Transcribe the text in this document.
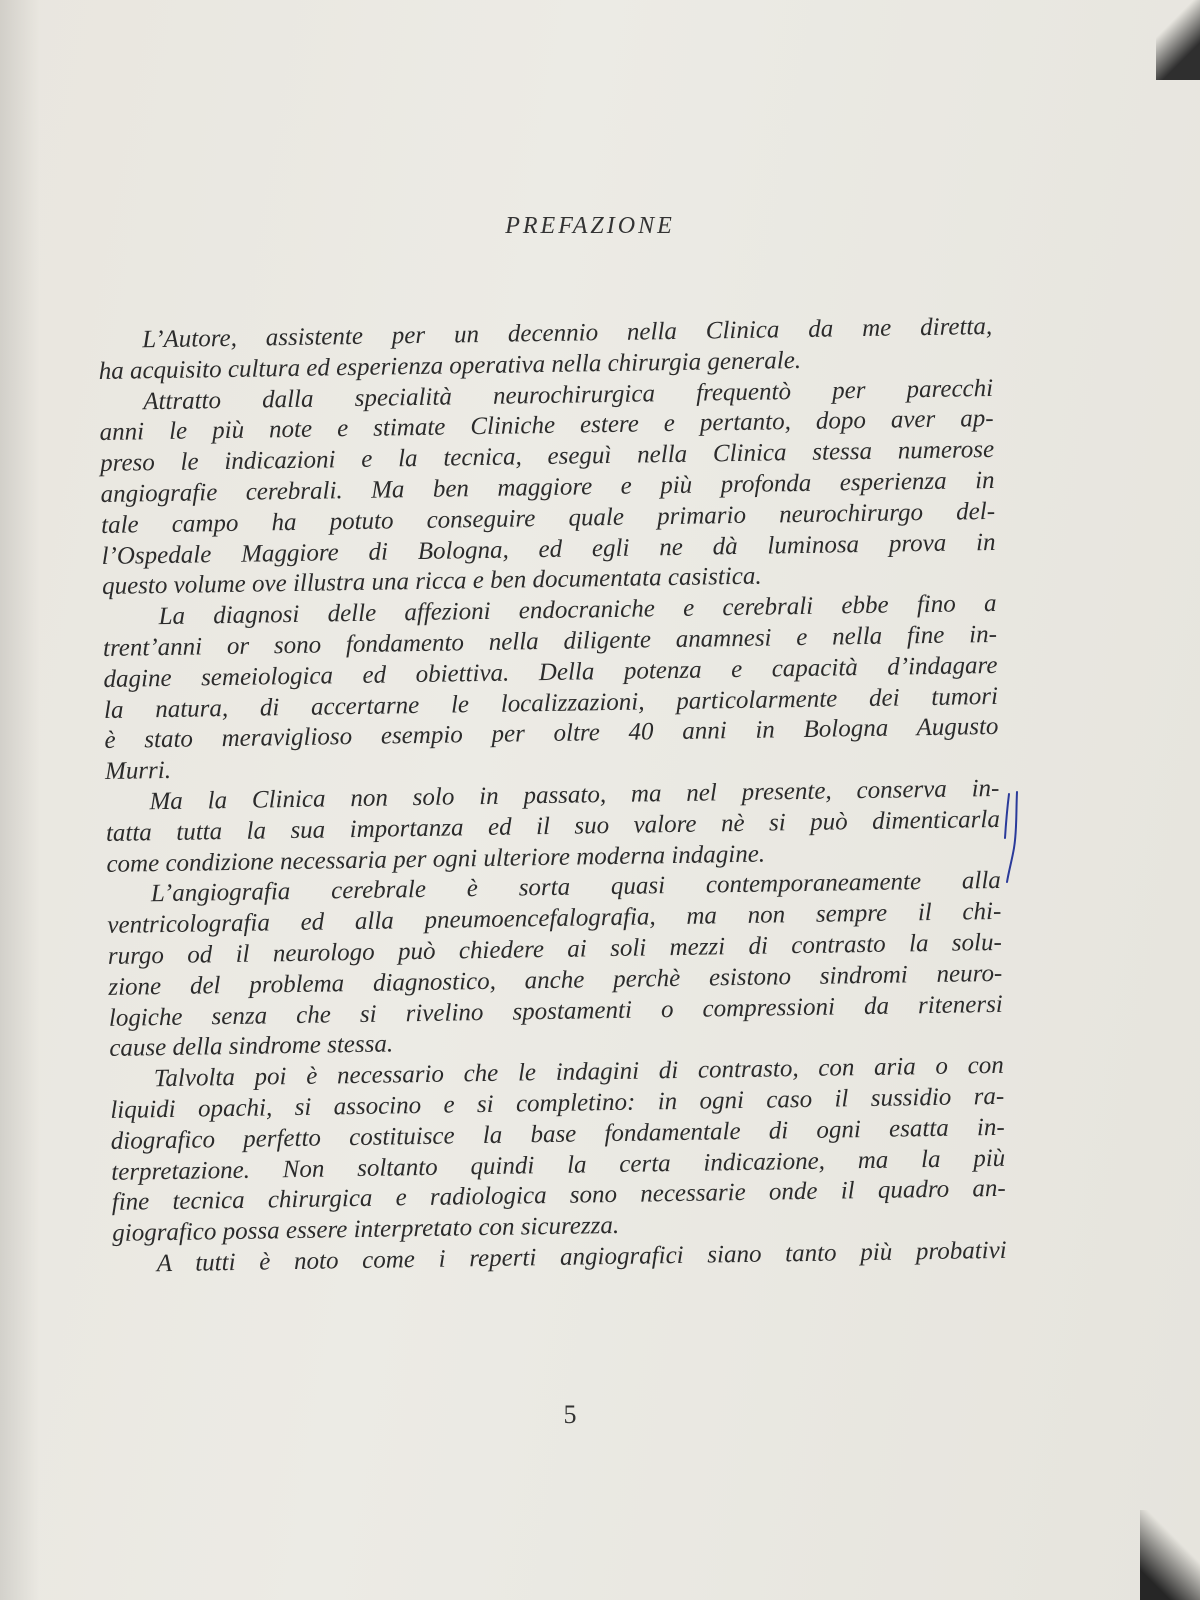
PREFAZIONE
L’Autore, assistente per un decennio nella Clinica da me diretta,
ha acquisito cultura ed esperienza operativa nella chirurgia generale.
Attratto dalla specialità neurochirurgica frequentò per parecchi
anni le più note e stimate Cliniche estere e pertanto, dopo aver ap-
preso le indicazioni e la tecnica, eseguì nella Clinica stessa numerose
angiografie cerebrali. Ma ben maggiore e più profonda esperienza in
tale campo ha potuto conseguire quale primario neurochirurgo del-
l’Ospedale Maggiore di Bologna, ed egli ne dà luminosa prova in
questo volume ove illustra una ricca e ben documentata casistica.
La diagnosi delle affezioni endocraniche e cerebrali ebbe fino a
trent’anni or sono fondamento nella diligente anamnesi e nella fine in-
dagine semeiologica ed obiettiva. Della potenza e capacità d’indagare
la natura, di accertarne le localizzazioni, particolarmente dei tumori
è stato meraviglioso esempio per oltre 40 anni in Bologna Augusto
Murri.
Ma la Clinica non solo in passato, ma nel presente, conserva in-
tatta tutta la sua importanza ed il suo valore nè si può dimenticarla
come condizione necessaria per ogni ulteriore moderna indagine.
L’angiografia cerebrale è sorta quasi contemporaneamente alla
ventricolografia ed alla pneumoencefalografia, ma non sempre il chi-
rurgo od il neurologo può chiedere ai soli mezzi di contrasto la solu-
zione del problema diagnostico, anche perchè esistono sindromi neuro-
logiche senza che si rivelino spostamenti o compressioni da ritenersi
cause della sindrome stessa.
Talvolta poi è necessario che le indagini di contrasto, con aria o con
liquidi opachi, si associno e si completino: in ogni caso il sussidio ra-
diografico perfetto costituisce la base fondamentale di ogni esatta in-
terpretazione. Non soltanto quindi la certa indicazione, ma la più
fine tecnica chirurgica e radiologica sono necessarie onde il quadro an-
giografico possa essere interpretato con sicurezza.
A tutti è noto come i reperti angiografici siano tanto più probativi
5
